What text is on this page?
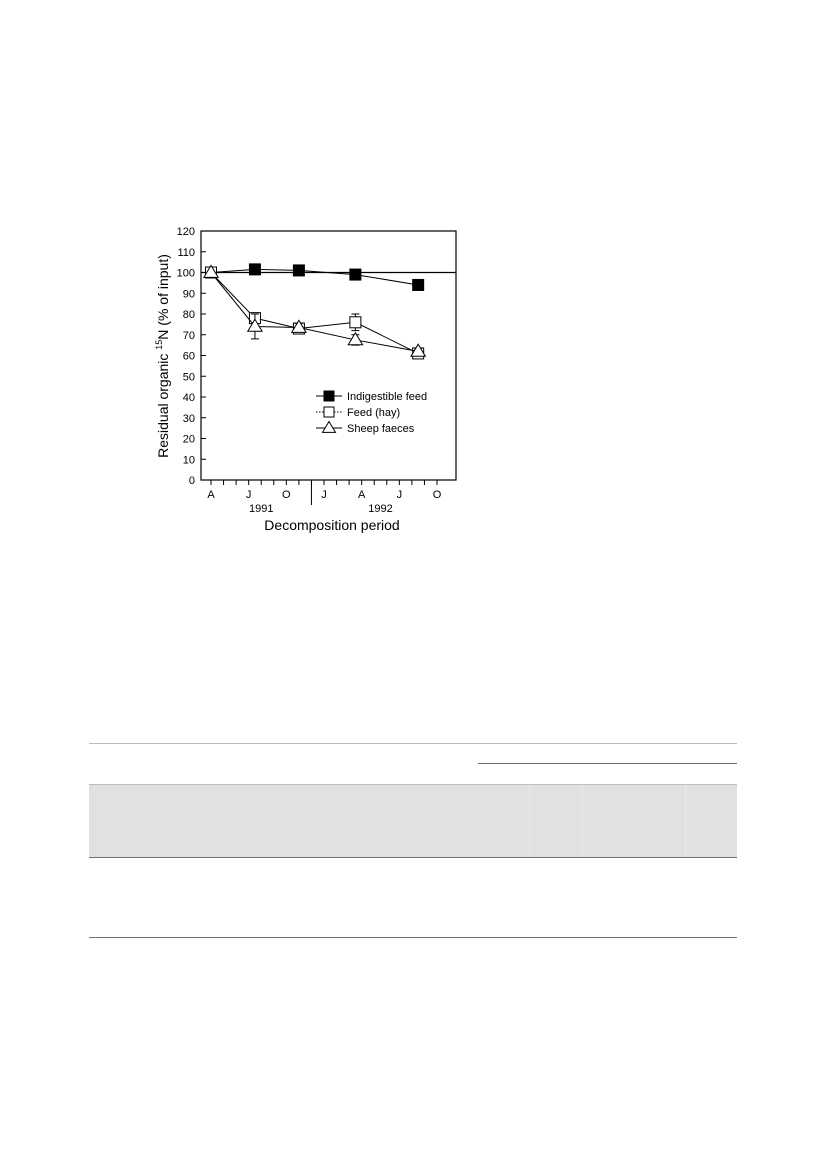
0
10
20
30
40
50
60
70
80
90
100
110
120
A	J	O	J	A	J	O
1991	1992
Residual organic $^{15}$N (% of input)
Decomposition period
Indigestible feed
Feed (hay)
Sheep faeces
